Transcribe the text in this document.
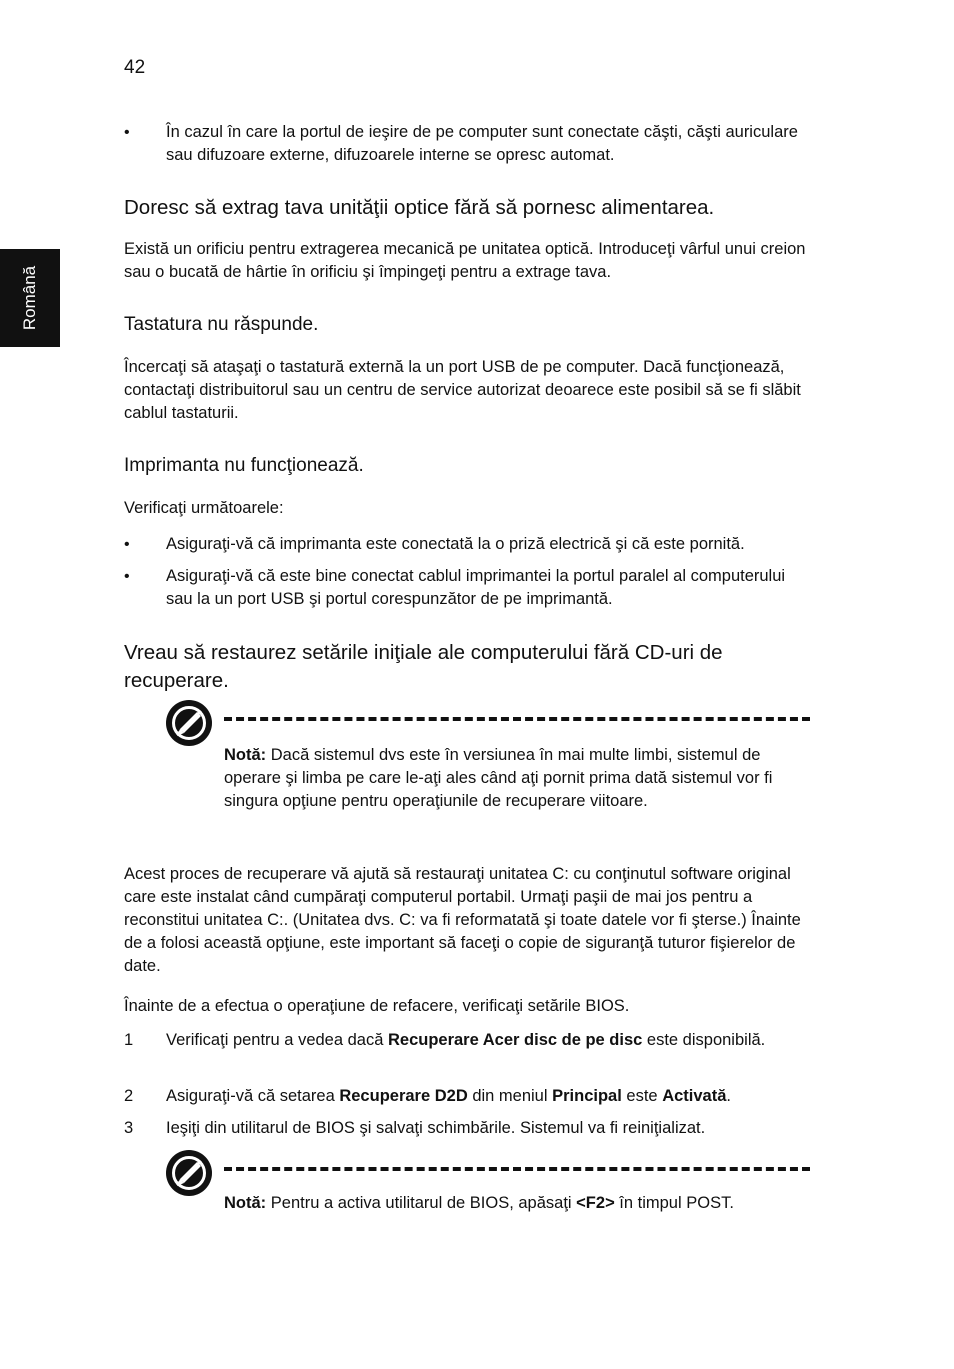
42
Română
• În cazul în care la portul de ieşire de pe computer sunt conectate căşti, căşti auriculare sau difuzoare externe, difuzoarele interne se opresc automat.
Doresc să extrag tava unităţii optice fără să pornesc alimentarea.
Există un orificiu pentru extragerea mecanică pe unitatea optică. Introduceţi vârful unui creion sau o bucată de hârtie în orificiu şi împingeţi pentru a extrage tava.
Tastatura nu răspunde.
Încercaţi să ataşaţi o tastatură externă la un port USB de pe computer. Dacă funcţionează, contactaţi distribuitorul sau un centru de service autorizat deoarece este posibil să se fi slăbit cablul tastaturii.
Imprimanta nu funcţionează.
Verificaţi următoarele:
• Asiguraţi-vă că imprimanta este conectată la o priză electrică şi că este pornită.
• Asiguraţi-vă că este bine conectat cablul imprimantei la portul paralel al computerului sau la un port USB şi portul corespunzător de pe imprimantă.
Vreau să restaurez setările iniţiale ale computerului fără CD-uri de recuperare.
Notă: Dacă sistemul dvs este în versiunea în mai multe limbi, sistemul de operare şi limba pe care le-aţi ales când aţi pornit prima dată sistemul vor fi singura opţiune pentru operaţiunile de recuperare viitoare.
Acest proces de recuperare vă ajută să restauraţi unitatea C: cu conţinutul software original care este instalat când cumpăraţi computerul portabil. Urmaţi paşii de mai jos pentru a reconstitui unitatea C:. (Unitatea dvs. C: va fi reformatată şi toate datele vor fi şterse.) Înainte de a folosi această opţiune, este important să faceţi o copie de siguranţă tuturor fişierelor de date.
Înainte de a efectua o operaţiune de refacere, verificaţi setările BIOS.
1 Verificaţi pentru a vedea dacă Recuperare Acer disc de pe disc este disponibilă.
2 Asiguraţi-vă că setarea Recuperare D2D din meniul Principal este Activată.
3 Ieşiţi din utilitarul de BIOS şi salvaţi schimbările. Sistemul va fi reiniţializat.
Notă: Pentru a activa utilitarul de BIOS, apăsaţi <F2> în timpul POST.
